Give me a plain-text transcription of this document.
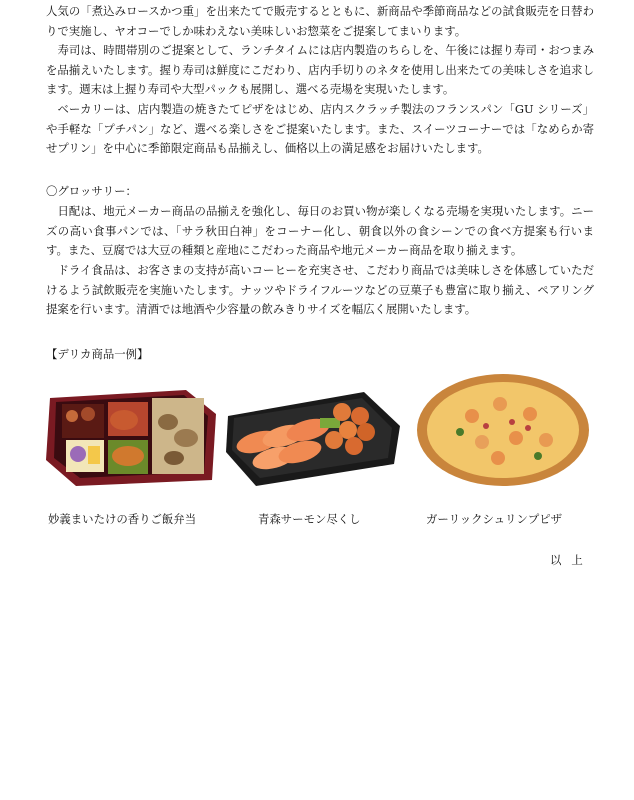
人気の「煮込みロースかつ重」を出来たてで販売するとともに、新商品や季節商品などの試食販売を日替わりで実施し、ヤオコーでしか味わえない美味しいお惣菜をご提案してまいります。

　寿司は、時間帯別のご提案として、ランチタイムには店内製造のちらしを、午後には握り寿司・おつまみを品揃えいたします。握り寿司は鮮度にこだわり、店内手切りのネタを使用し出来たての美味しさを追求します。週末は上握り寿司や大型パックも展開し、選べる売場を実現いたします。

　ベーカリーは、店内製造の焼きたてピザをはじめ、店内スクラッチ製法のフランスパン「GU シリーズ」や手軽な「プチパン」など、選べる楽しさをご提案いたします。また、スイーツコーナーでは「なめらか寄せプリン」を中心に季節限定商品も品揃えし、価格以上の満足感をお届けいたします。

〇グロッサリー：

　日配は、地元メーカー商品の品揃えを強化し、毎日のお買い物が楽しくなる売場を実現いたします。ニーズの高い食事パンでは、「サラ秋田白神」をコーナー化し、朝食以外の食シーンでの食べ方提案も行います。また、豆腐では大豆の種類と産地にこだわった商品や地元メーカー商品を取り揃えます。

　ドライ食品は、お客さまの支持が高いコーヒーを充実させ、こだわり商品では美味しさを体感していただけるよう試飲販売を実施いたします。ナッツやドライフルーツなどの豆菓子も豊富に取り揃え、ペアリング提案を行います。清酒では地酒や少容量の飲みきりサイズを幅広く展開いたします。

【デリカ商品一例】

妙義まいたけの香りご飯弁当	青森サーモン尽くし	ガーリックシュリンプピザ

以上
